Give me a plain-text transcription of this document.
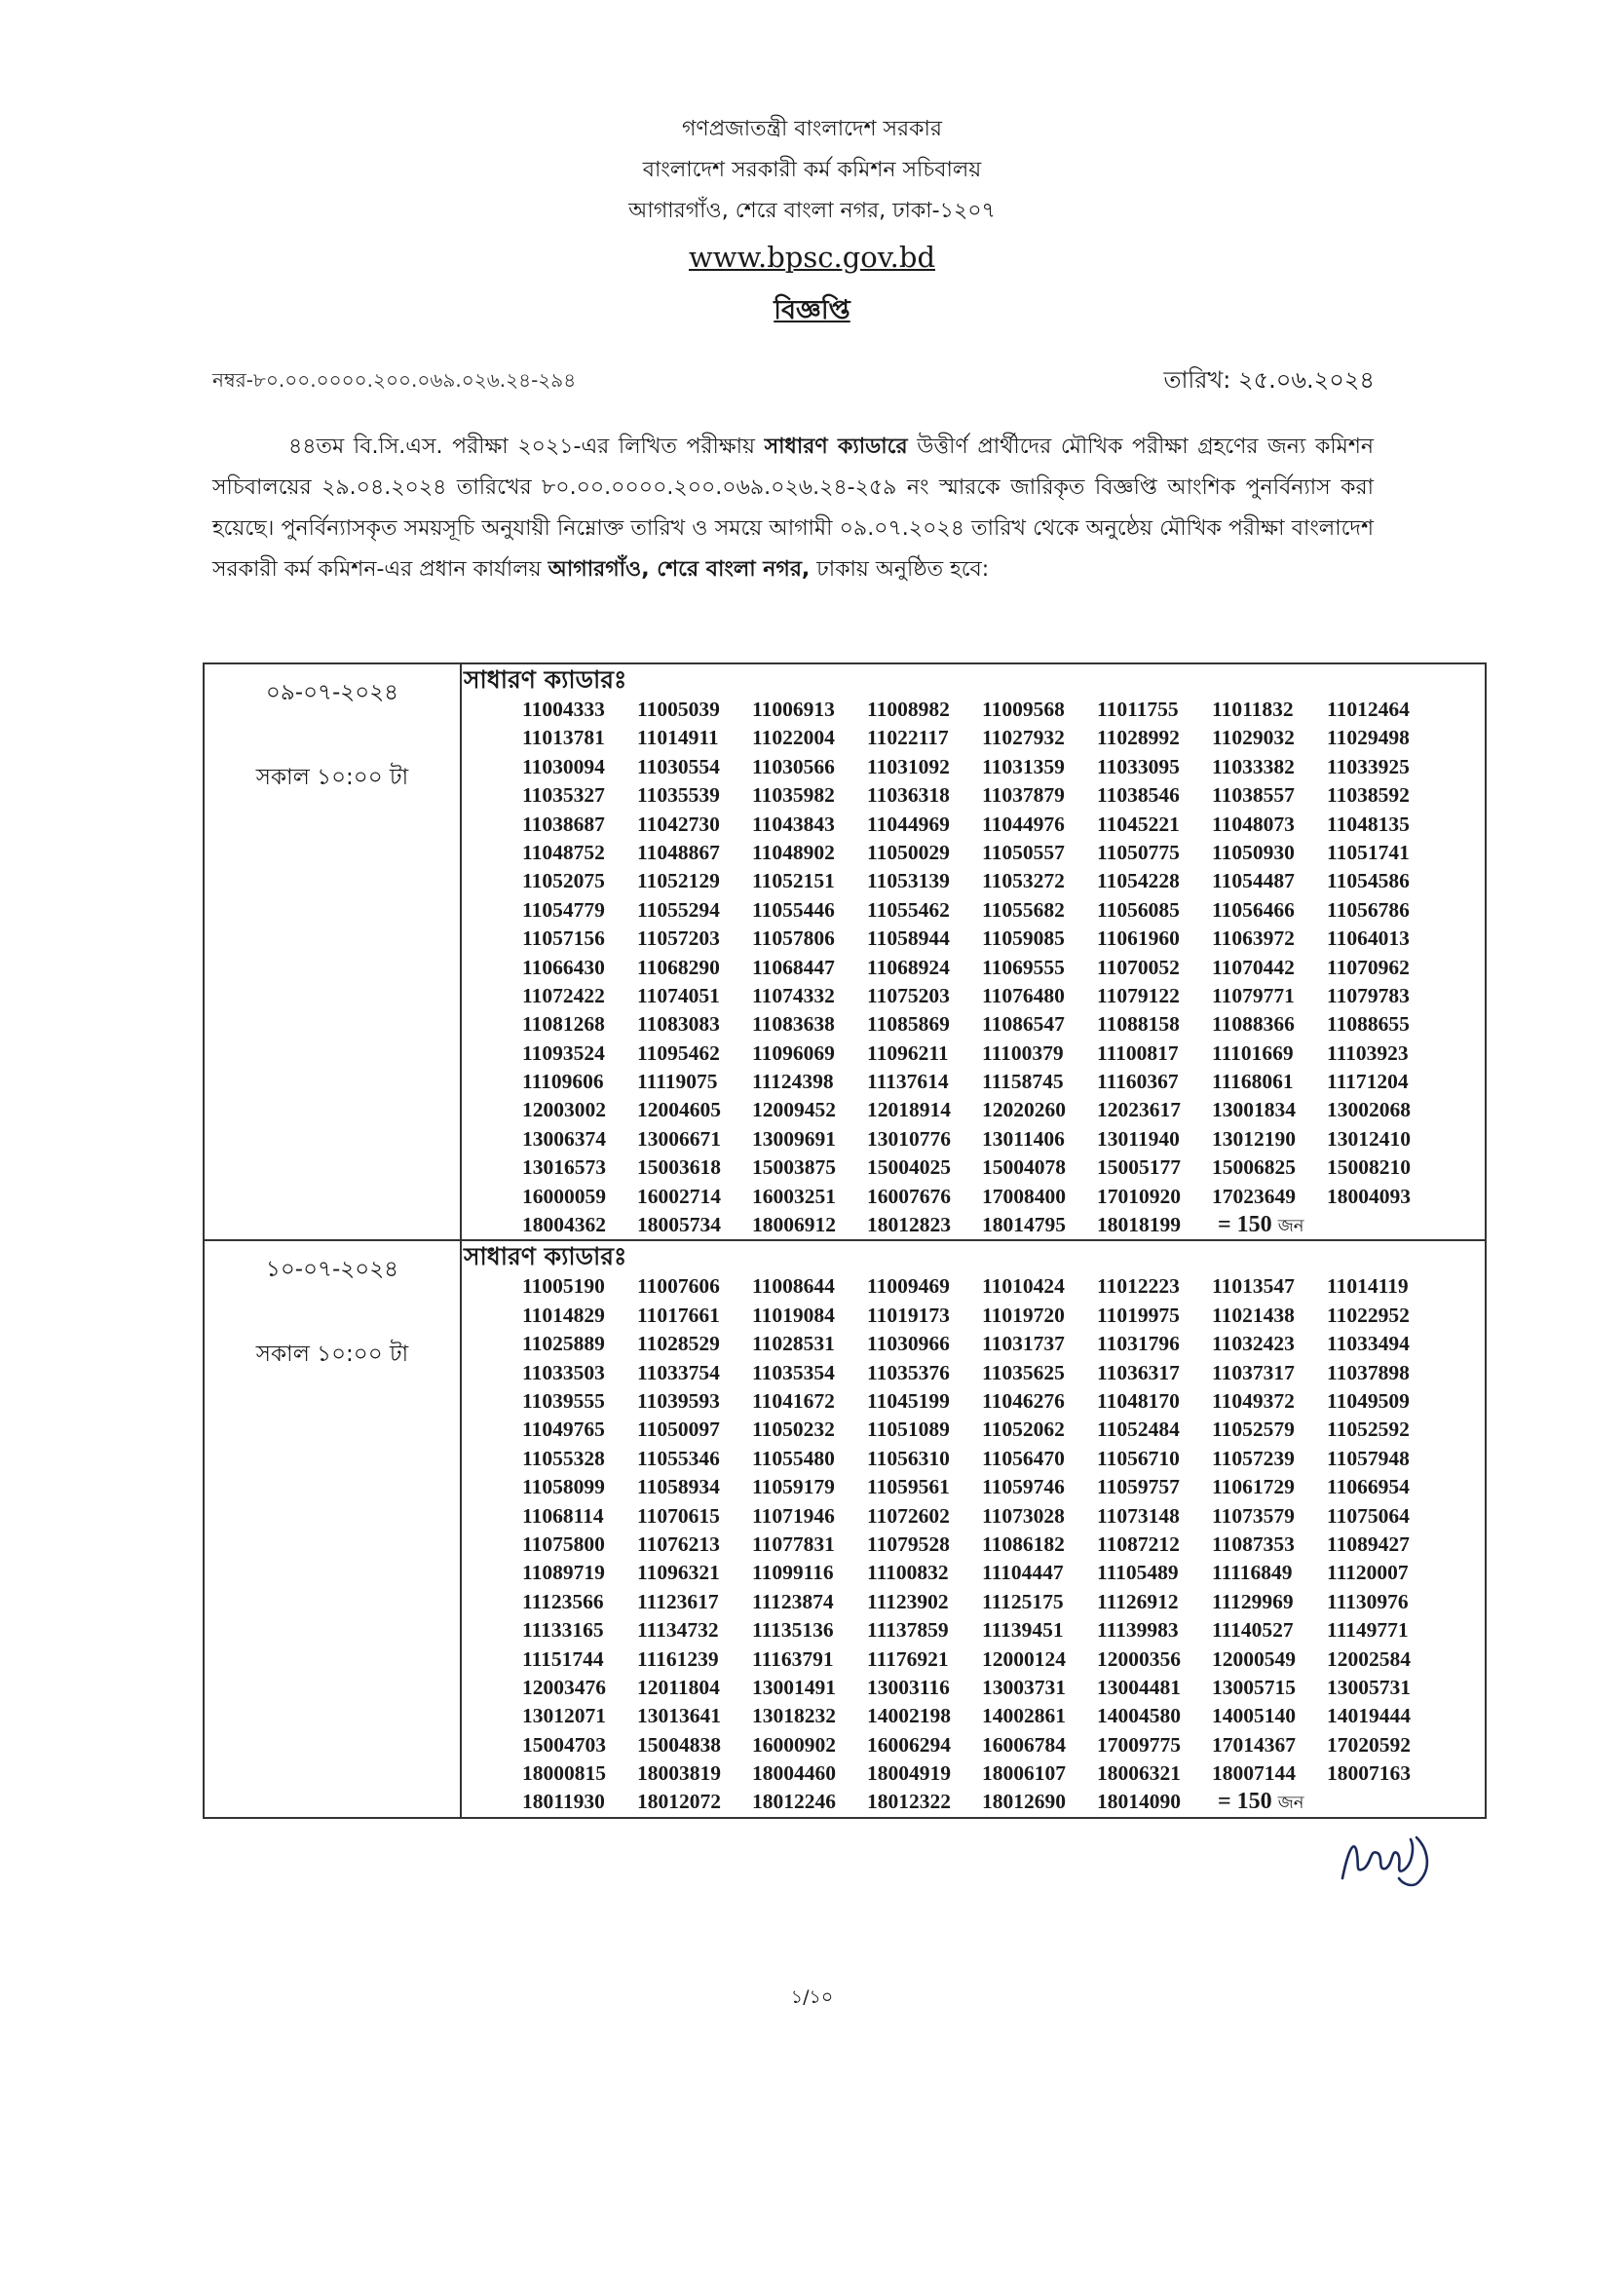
গণপ্রজাতন্ত্রী বাংলাদেশ সরকার
বাংলাদেশ সরকারী কর্ম কমিশন সচিবালয়
আগারগাঁও, শেরে বাংলা নগর, ঢাকা-১২০৭
www.bpsc.gov.bd
বিজ্ঞপ্তি
নম্বর-৮০.০০.০০০০.২০০.০৬৯.০২৬.২৪-২৯৪	তারিখ: ২৫.০৬.২০২৪

৪৪তম বি.সি.এস. পরীক্ষা ২০২১-এর লিখিত পরীক্ষায় সাধারণ ক্যাডারে উত্তীর্ণ প্রার্থীদের মৌখিক পরীক্ষা গ্রহণের জন্য কমিশন সচিবালয়ের ২৯.০৪.২০২৪ তারিখের ৮০.০০.০০০০.২০০.০৬৯.০২৬.২৪-২৫৯ নং স্মারকে জারিকৃত বিজ্ঞপ্তি আংশিক পুনর্বিন্যাস করা হয়েছে। পুনর্বিন্যাসকৃত সময়সূচি অনুযায়ী নিম্নোক্ত তারিখ ও সময়ে আগামী ০৯.০৭.২০২৪ তারিখ থেকে অনুষ্ঠেয় মৌখিক পরীক্ষা বাংলাদেশ সরকারী কর্ম কমিশন-এর প্রধান কার্যালয় আগারগাঁও, শেরে বাংলা নগর, ঢাকায় অনুষ্ঠিত হবে:

০৯-০৭-২০২৪
সকাল ১০:০০ টা
সাধারণ ক্যাডারঃ
11004333 11005039 11006913 11008982 11009568 11011755 11011832 11012464
11013781 11014911 11022004 11022117 11027932 11028992 11029032 11029498
11030094 11030554 11030566 11031092 11031359 11033095 11033382 11033925
11035327 11035539 11035982 11036318 11037879 11038546 11038557 11038592
11038687 11042730 11043843 11044969 11044976 11045221 11048073 11048135
11048752 11048867 11048902 11050029 11050557 11050775 11050930 11051741
11052075 11052129 11052151 11053139 11053272 11054228 11054487 11054586
11054779 11055294 11055446 11055462 11055682 11056085 11056466 11056786
11057156 11057203 11057806 11058944 11059085 11061960 11063972 11064013
11066430 11068290 11068447 11068924 11069555 11070052 11070442 11070962
11072422 11074051 11074332 11075203 11076480 11079122 11079771 11079783
11081268 11083083 11083638 11085869 11086547 11088158 11088366 11088655
11093524 11095462 11096069 11096211 11100379 11100817 11101669 11103923
11109606 11119075 11124398 11137614 11158745 11160367 11168061 11171204
12003002 12004605 12009452 12018914 12020260 12023617 13001834 13002068
13006374 13006671 13009691 13010776 13011406 13011940 13012190 13012410
13016573 15003618 15003875 15004025 15004078 15005177 15006825 15008210
16000059 16002714 16003251 16007676 17008400 17010920 17023649 18004093
18004362 18005734 18006912 18012823 18014795 18018199 = 150 জন
১০-০৭-২০২৪
সকাল ১০:০০ টা
সাধারণ ক্যাডারঃ
11005190 11007606 11008644 11009469 11010424 11012223 11013547 11014119
11014829 11017661 11019084 11019173 11019720 11019975 11021438 11022952
11025889 11028529 11028531 11030966 11031737 11031796 11032423 11033494
11033503 11033754 11035354 11035376 11035625 11036317 11037317 11037898
11039555 11039593 11041672 11045199 11046276 11048170 11049372 11049509
11049765 11050097 11050232 11051089 11052062 11052484 11052579 11052592
11055328 11055346 11055480 11056310 11056470 11056710 11057239 11057948
11058099 11058934 11059179 11059561 11059746 11059757 11061729 11066954
11068114 11070615 11071946 11072602 11073028 11073148 11073579 11075064
11075800 11076213 11077831 11079528 11086182 11087212 11087353 11089427
11089719 11096321 11099116 11100832 11104447 11105489 11116849 11120007
11123566 11123617 11123874 11123902 11125175 11126912 11129969 11130976
11133165 11134732 11135136 11137859 11139451 11139983 11140527 11149771
11151744 11161239 11163791 11176921 12000124 12000356 12000549 12002584
12003476 12011804 13001491 13003116 13003731 13004481 13005715 13005731
13012071 13013641 13018232 14002198 14002861 14004580 14005140 14019444
15004703 15004838 16000902 16006294 16006784 17009775 17014367 17020592
18000815 18003819 18004460 18004919 18006107 18006321 18007144 18007163
18011930 18012072 18012246 18012322 18012690 18014090 = 150 জন
১/১০
